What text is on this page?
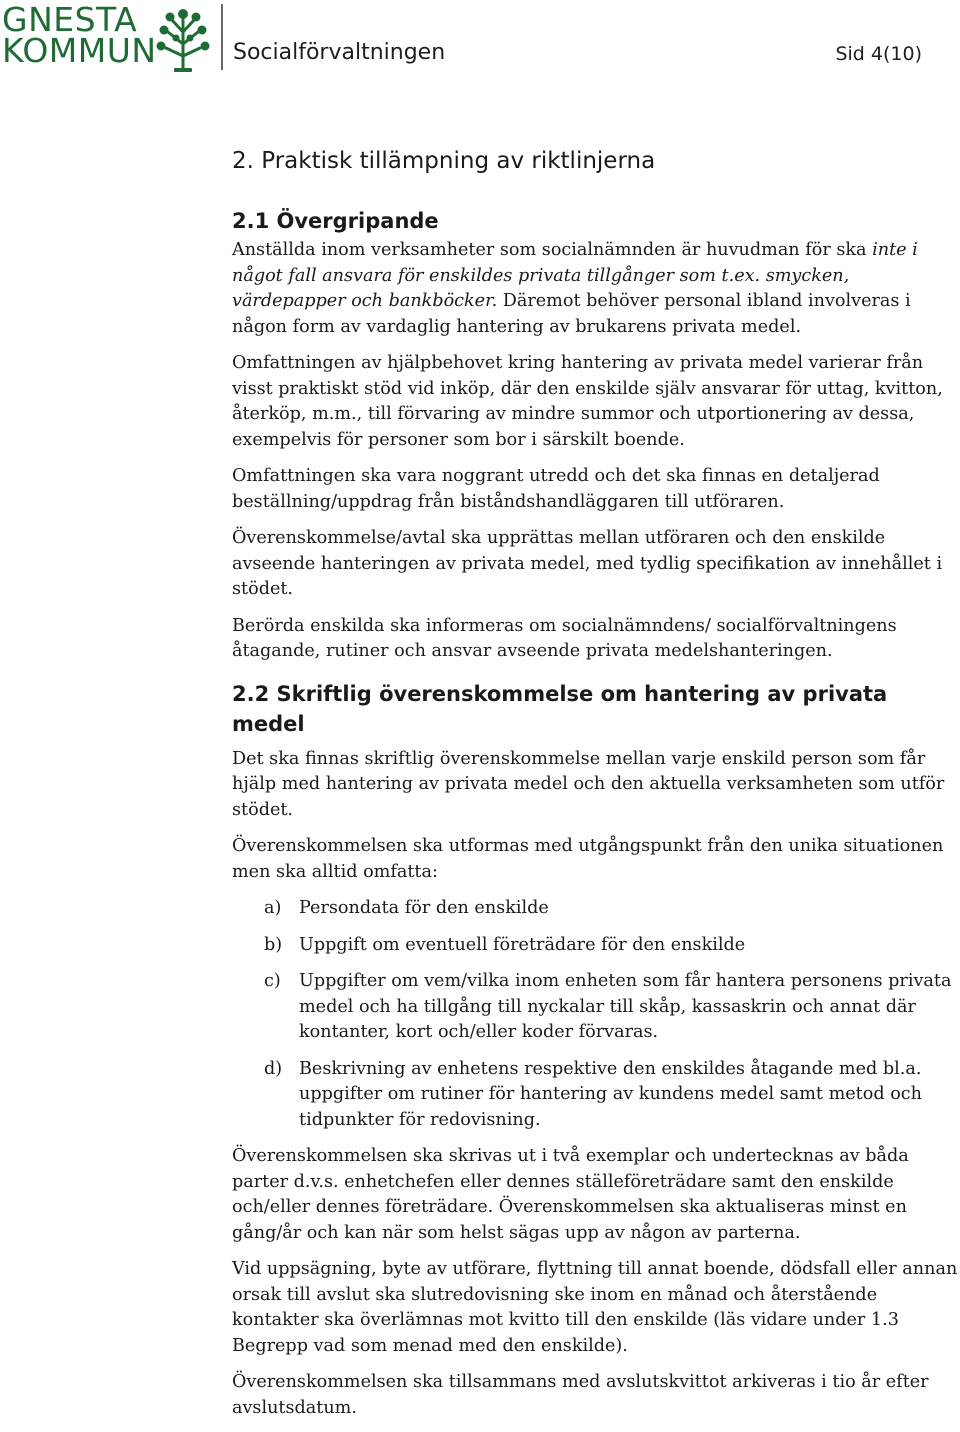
GNESTA
KOMMUN	Socialförvaltningen	Sid 4(10)
2. Praktisk tillämpning av riktlinjerna
2.1 Övergripande

Anställda inom verksamheter som socialnämnden är huvudman för ska inte i något fall ansvara för enskildes privata tillgånger som t.ex. smycken, värdepapper och bankböcker. Däremot behöver personal ibland involveras i någon form av vardaglig hantering av brukarens privata medel.

Omfattningen av hjälpbehovet kring hantering av privata medel varierar från visst praktiskt stöd vid inköp, där den enskilde själv ansvarar för uttag, kvitton, återköp, m.m., till förvaring av mindre summor och utportionering av dessa, exempelvis för personer som bor i särskilt boende.

Omfattningen ska vara noggrant utredd och det ska finnas en detaljerad beställning/uppdrag från biståndshandläggaren till utföraren.

Överenskommelse/avtal ska upprättas mellan utföraren och den enskilde avseende hanteringen av privata medel, med tydlig specifikation av innehållet i stödet.

Berörda enskilda ska informeras om socialnämndens/ socialförvaltningens åtagande, rutiner och ansvar avseende privata medelshanteringen.

2.2 Skriftlig överenskommelse om hantering av privata medel

Det ska finnas skriftlig överenskommelse mellan varje enskild person som får hjälp med hantering av privata medel och den aktuella verksamheten som utför stödet.

Överenskommelsen ska utformas med utgångspunkt från den unika situationen men ska alltid omfatta:

a) Persondata för den enskilde
b) Uppgift om eventuell företrädare för den enskilde
c) Uppgifter om vem/vilka inom enheten som får hantera personens privata medel och ha tillgång till nyckalar till skåp, kassaskrin och annat där kontanter, kort och/eller koder förvaras.
d) Beskrivning av enhetens respektive den enskildes åtagande med bl.a. uppgifter om rutiner för hantering av kundens medel samt metod och tidpunkter för redovisning.

Överenskommelsen ska skrivas ut i två exemplar och undertecknas av båda parter d.v.s. enhetchefen eller dennes ställeföreträdare samt den enskilde och/eller dennes företrädare. Överenskommelsen ska aktualiseras minst en gång/år och kan när som helst sägas upp av någon av parterna.

Vid uppsägning, byte av utförare, flyttning till annat boende, dödsfall eller annan orsak till avslut ska slutredovisning ske inom en månad och återstående kontakter ska överlämnas mot kvitto till den enskilde (läs vidare under 1.3 Begrepp vad som menad med den enskilde).

Överenskommelsen ska tillsammans med avslutskvittot arkiveras i tio år efter avslutsdatum.
